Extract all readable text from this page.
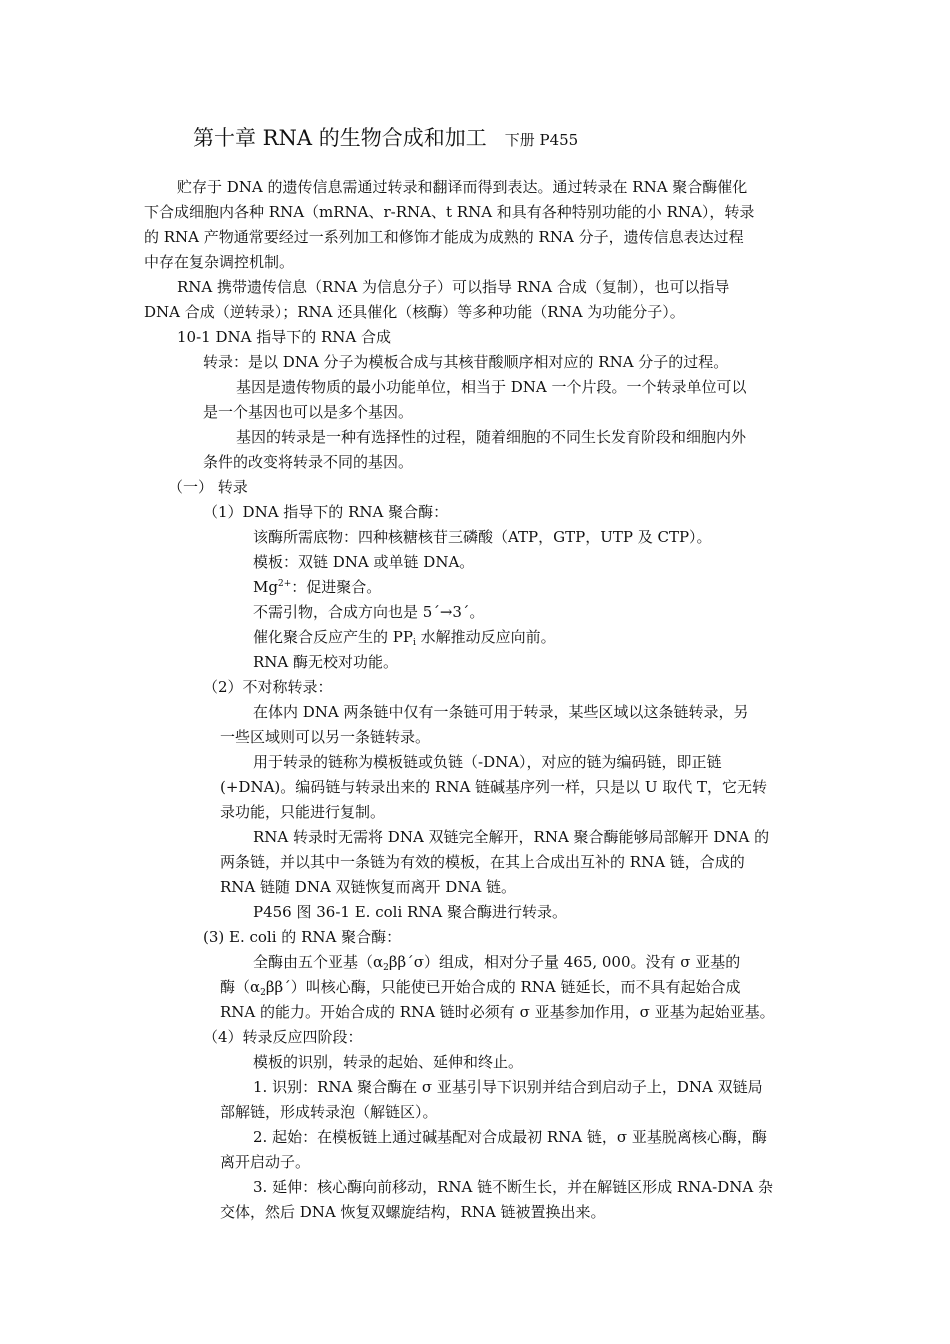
第十章 RNA 的生物合成和加工 下册 P455
贮存于 DNA 的遗传信息需通过转录和翻译而得到表达。通过转录在 RNA 聚合酶催化
下合成细胞内各种 RNA（mRNA、r-RNA、t RNA 和具有各种特别功能的小 RNA），转录
的 RNA 产物通常要经过一系列加工和修饰才能成为成熟的 RNA 分子，遗传信息表达过程
中存在复杂调控机制。
RNA 携带遗传信息（RNA 为信息分子）可以指导 RNA 合成（复制），也可以指导
DNA 合成（逆转录）；RNA 还具催化（核酶）等多种功能（RNA 为功能分子）。
10-1 DNA 指导下的 RNA 合成
转录：是以 DNA 分子为模板合成与其核苷酸顺序相对应的 RNA 分子的过程。
基因是遗传物质的最小功能单位，相当于 DNA 一个片段。一个转录单位可以
是一个基因也可以是多个基因。
基因的转录是一种有选择性的过程，随着细胞的不同生长发育阶段和细胞内外
条件的改变将转录不同的基因。
（一） 转录
（1）DNA 指导下的 RNA 聚合酶：
该酶所需底物：四种核糖核苷三磷酸（ATP，GTP，UTP 及 CTP）。
模板：双链 DNA 或单链 DNA。
$Mg^{2+}$：促进聚合。
不需引物，合成方向也是 5ˊ→3ˊ。
催化聚合反应产生的 $PP_i$ 水解推动反应向前。
RNA 酶无校对功能。
（2）不对称转录：
在体内 DNA 两条链中仅有一条链可用于转录，某些区域以这条链转录，另
一些区域则可以另一条链转录。
用于转录的链称为模板链或负链（-DNA），对应的链为编码链，即正链
(+DNA)。编码链与转录出来的 RNA 链碱基序列一样，只是以 U 取代 T，它无转
录功能，只能进行复制。
RNA 转录时无需将 DNA 双链完全解开，RNA 聚合酶能够局部解开 DNA 的
两条链，并以其中一条链为有效的模板，在其上合成出互补的 RNA 链，合成的
RNA 链随 DNA 双链恢复而离开 DNA 链。
P456 图 36-1 E. coli RNA 聚合酶进行转录。
(3) E. coli 的 RNA 聚合酶：
全酶由五个亚基$(\alpha_2\beta\beta ˊ\sigma)$组成，相对分子量 465, 000。没有 σ 亚基的
酶$(\alpha_2\beta\beta ˊ)$叫核心酶，只能使已开始合成的 RNA 链延长，而不具有起始合成
RNA 的能力。开始合成的 RNA 链时必须有 σ 亚基参加作用，σ 亚基为起始亚基。
（4）转录反应四阶段：
模板的识别，转录的起始、延伸和终止。
1. 识别：RNA 聚合酶在 σ 亚基引导下识别并结合到启动子上，DNA 双链局
部解链，形成转录泡（解链区）。
2. 起始：在模板链上通过碱基配对合成最初 RNA 链，σ 亚基脱离核心酶，酶
离开启动子。
3. 延伸：核心酶向前移动，RNA 链不断生长，并在解链区形成 RNA-DNA 杂
交体，然后 DNA 恢复双螺旋结构，RNA 链被置换出来。
